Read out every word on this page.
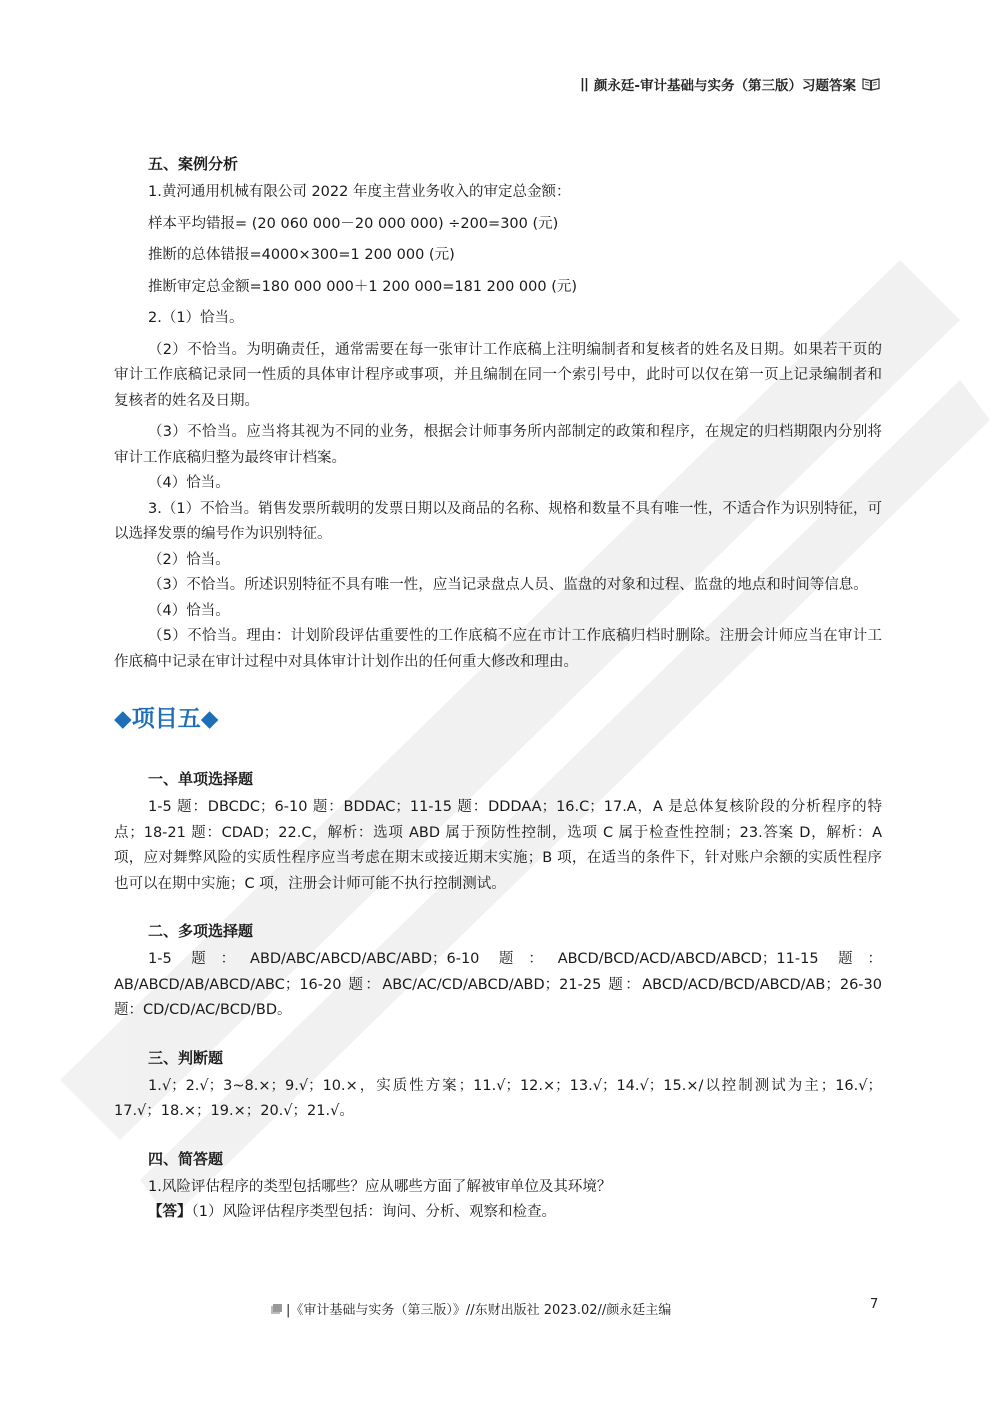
|| 颜永廷-审计基础与实务（第三版）习题答案
五、案例分析

1.黄河通用机械有限公司 2022 年度主营业务收入的审定总金额：

样本平均错报= (20 060 000－20 000 000) ÷200=300 (元)

推断的总体错报=4000×300=1 200 000 (元)

推断审定总金额=180 000 000＋1 200 000=181 200 000 (元)

2.（1）恰当。

（2）不恰当。为明确责任，通常需要在每一张审计工作底稿上注明编制者和复核者的姓名及日期。如果若干页的审计工作底稿记录同一性质的具体审计程序或事项，并且编制在同一个索引号中，此时可以仅在第一页上记录编制者和复核者的姓名及日期。

（3）不恰当。应当将其视为不同的业务，根据会计师事务所内部制定的政策和程序，在规定的归档期限内分别将审计工作底稿归整为最终审计档案。

（4）恰当。

3.（1）不恰当。销售发票所载明的发票日期以及商品的名称、规格和数量不具有唯一性，不适合作为识别特征，可以选择发票的编号作为识别特征。

（2）恰当。

（3）不恰当。所述识别特征不具有唯一性，应当记录盘点人员、监盘的对象和过程、监盘的地点和时间等信息。

（4）恰当。

（5）不恰当。理由：计划阶段评估重要性的工作底稿不应在市计工作底稿归档时删除。注册会计师应当在审计工作底稿中记录在审计过程中对具体审计计划作出的任何重大修改和理由。

◆项目五◆
一、单项选择题

1-5 题：DBCDC；6-10 题：BDDAC；11-15 题：DDDAA；16.C；17.A，A 是总体复核阶段的分析程序的特点；18-21 题：CDAD；22.C，解析：选项 ABD 属于预防性控制，选项 C 属于检查性控制；23.答案 D，解析：A 项，应对舞弊风险的实质性程序应当考虑在期末或接近期末实施；B 项，在适当的条件下，针对账户余额的实质性程序也可以在期中实施；C 项，注册会计师可能不执行控制测试。

二、多项选择题

1-5 题：ABD/ABC/ABCD/ABC/ABD；6-10 题：ABCD/BCD/ACD/ABCD/ABCD；11-15 题：AB/ABCD/AB/ABCD/ABC；16-20 题：ABC/AC/CD/ABCD/ABD；21-25 题：ABCD/ACD/BCD/ABCD/AB；26-30 题：CD/CD/AC/BCD/BD。

三、判断题

1.√；2.√；3~8.×；9.√；10.×，实质性方案；11.√；12.×；13.√；14.√；15.×/以控制测试为主；16.√；17.√；18.×；19.×；20.√；21.√。

四、简答题

1.风险评估程序的类型包括哪些？应从哪些方面了解被审单位及其环境？

【答】（1）风险评估程序类型包括：询问、分析、观察和检查。

|《审计基础与实务（第三版）》//东财出版社 2023.02//颜永廷主编	7
